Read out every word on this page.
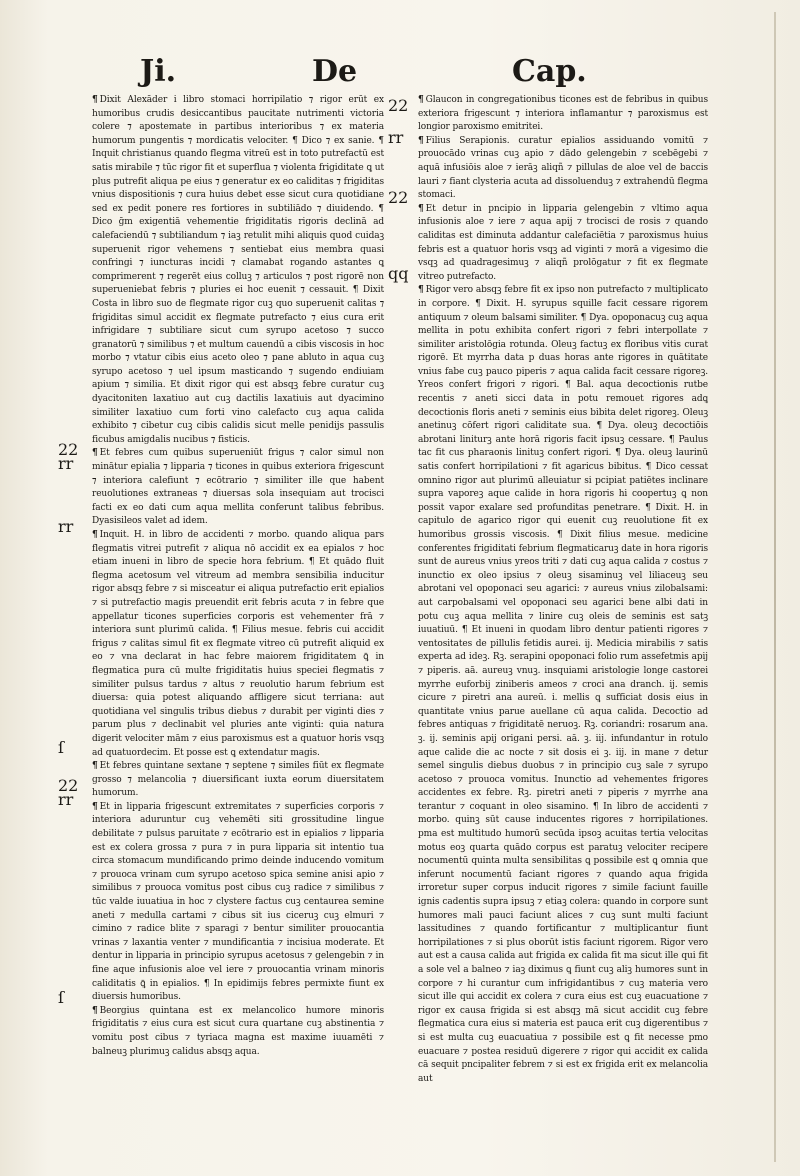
Ji.	De	Cap.
22
rr
rr
ſ
22
rr
ſ
22
rr
22
qq

¶ Dixit Alexāder i libro stomaci horripilatio ⁊ rigor erūt ex humoribus crudis desiccantibus paucitate nutrimenti victoria colere ⁊ apostemate in partibus interioribus ⁊ ex materia humorum pungentis ⁊ mordicatis velociter. ¶ Dico ⁊ ex sanie. ¶ Inquit christianus quando flegma vitreū est in toto putrefactū est satis mirabile ⁊ tūc rigor fit et superflua ⁊ violenta frigiditate ꝗ ut plus putrefit aliqua pe eius ⁊ generatur ex eo caliditas ⁊ frigiditas vnius dispositionis ⁊ cura huius debet esse sicut cura quotidiane sed ex pedit ponere res fortiores in subtiliādo ⁊ diuidendo. ¶ Dico ḡm exigentiā vehementie frigiditatis rigoris declinā ad calefaciendū ⁊ subtiliandum ⁊ iaꝫ retulit mihi aliquis quod cuidaꝫ superuenit rigor vehemens ⁊ sentiebat eius membra quasi confringi ⁊ iuncturas incidi ⁊ clamabat rogando astantes ꝗ comprimerent ⁊ regerēt eius colluꝫ ⁊ articulos ⁊ post rigorē non superueniebat febris ⁊ pluries ei hoc euenit ⁊ cessauit. ¶ Dixit Costa in libro suo de flegmate rigor cuꝫ quo superuenit calitas ⁊ frigiditas simul accidit ex flegmate putrefacto ⁊ eius cura erit infrigidare ⁊ subtiliare sicut cum syrupo acetoso ⁊ succo granatorū ⁊ similibus ⁊ et multum cauendū a cibis viscosis in hoc morbo ⁊ vtatur cibis eius aceto oleo ⁊ pane abluto in aqua cuꝫ syrupo acetoso ⁊ uel ipsum masticando ⁊ sugendo endiuiam apium ⁊ similia. Et dixit rigor qui est absqꝫ febre curatur cuꝫ dyacitoniten laxatiuo aut cuꝫ dactilis laxatiuis aut dyacimino similiter laxatiuo cum forti vino calefacto cuꝫ aqua calida exhibito ⁊ cibetur cuꝫ cibis calidis sicut melle penidijs passulis ficubus amigdalis nucibus ⁊ fisticis.

¶ Et febres cum quibus superueniūt frigus ⁊ calor simul non minātur epialia ⁊ lipparia ⁊ ticones in quibus exteriora frigescunt ⁊ interiora calefiunt ⁊ ecōtrario ⁊ similiter ille que habent reuolutiones extraneas ⁊ diuersas sola insequiam aut trocisci facti ex eo dati cum aqua mellita conferunt talibus febribus. Dyasisileos valet ad idem.

¶ Inquit. H. in libro de accidenti ⁊ morbo. quando aliqua pars flegmatis vitrei putrefit ⁊ aliqua nō accidit ex ea epialos ⁊ hoc etiam inueni in libro de specie hora febrium. ¶ Et quādo fluit flegma acetosum vel vitreum ad membra sensibilia inducitur rigor absqꝫ febre ⁊ si misceatur ei aliqua putrefactio erit epialios ⁊ si putrefactio magis preuendit erit febris acuta ⁊ in febre que appellatur ticones superficies corporis est vehementer frā ⁊ interiora sunt plurimū calida. ¶ Filius mesue. febris cui accidit frigus ⁊ calitas simul fit ex flegmate vitreo cū putrefit aliquid ex eo ⁊ vna declarat in hac febre maiorem frigiditatem ꝗ̄ in flegmatica pura cū multe frigiditatis huius speciei flegmatis ⁊ similiter pulsus tardus ⁊ altus ⁊ reuolutio harum febrium est diuersa: quia potest aliquando affligere sicut terriana: aut quotidiana vel singulis tribus diebus ⁊ durabit per viginti dies ⁊ parum plus ⁊ declinabit vel pluries ante viginti: quia natura digerit velociter mām ⁊ eius paroxismus est a quatuor horis vsqꝫ ad quatuordecim. Et posse est ꝗ extendatur magis.

¶ Et febres quintane sextane ⁊ septene ⁊ similes fiūt ex flegmate grosso ⁊ melancolia ⁊ diuersificant iuxta eorum diuersitatem humorum.

¶ Et in lipparia frigescunt extremitates ⁊ superficies corporis ⁊ interiora aduruntur cuꝫ vehemēti siti grossitudine lingue debilitate ⁊ pulsus paruitate ⁊ ecōtrario est in epialios ⁊ lipparia est ex colera grossa ⁊ pura ⁊ in pura lipparia sit intentio tua circa stomacum mundificando primo deinde inducendo vomitum ⁊ prouoca vrinam cum syrupo acetoso spica semine anisi apio ⁊ similibus ⁊ prouoca vomitus post cibus cuꝫ radice ⁊ similibus ⁊ tūc valde iuuatiua in hoc ⁊ clystere factus cuꝫ centaurea semine aneti ⁊ medulla cartami ⁊ cibus sit ius ciceruꝫ cuꝫ elmuri ⁊ cimino ⁊ radice blite ⁊ sparagi ⁊ bentur similiter prouocantia vrinas ⁊ laxantia venter ⁊ mundificantia ⁊ incisiua moderate. Et dentur in lipparia in principio syrupus acetosus ⁊ gelengebin ⁊ in fine aque infusionis aloe vel iere ⁊ prouocantia vrinam minoris caliditatis ꝗ̄ in epialios. ¶ In epidimijs febres permixte fiunt ex diuersis humoribus.

¶ Beorgius quintana est ex melancolico humore minoris frigiditatis ⁊ eius cura est sicut cura quartane cuꝫ abstinentia ⁊ vomitu post cibus ⁊ tyriaca magna est maxime iuuamēti ⁊ balneuꝫ plurimuꝫ calidus absqꝫ aqua.

¶ Glaucon in congregationibus ticones est de febribus in quibus exteriora frigescunt ⁊ interiora inflamantur ⁊ paroxismus est longior paroxismo emitritei.

¶ Filius Serapionis. curatur epialios assiduando vomitū ⁊ prouocādo vrinas cuꝫ apio ⁊ dādo gelengebin ⁊ scebēgebi ⁊ aquā infusiōis aloe ⁊ ierāꝫ aliqñ ⁊ pillulas de aloe vel de baccis lauri ⁊ fiant clysteria acuta ad dissoluenduꝫ ⁊ extrahendū flegma stomaci.

¶ Et detur in pncipio in lipparia gelengebin ⁊ vltimo aqua infusionis aloe ⁊ iere ⁊ aqua apij ⁊ trocisci de rosis ⁊ quando caliditas est diminuta addantur calefaciētia ⁊ paroxismus huius febris est a quatuor horis vsqꝫ ad viginti ⁊ morā a vigesimo die vsqꝫ ad quadragesimuꝫ ⁊ aliqñ prolōgatur ⁊ fit ex flegmate vitreo putrefacto.

¶ Rigor vero absqꝫ febre fit ex ipso non putrefacto ⁊ multiplicato in corpore. ¶ Dixit. H. syrupus squille facit cessare rigorem antiquum ⁊ oleum balsami similiter. ¶ Dya. opoponacuꝫ cuꝫ aqua mellita in potu exhibita confert rigori ⁊ febri interpollate ⁊ similiter aristolōgia rotunda. Oleuꝫ factuꝫ ex floribus vitis curat rigorē. Et myrrha data p duas horas ante rigores in quātitate vnius fabe cuꝫ pauco piperis ⁊ aqua calida facit cessare rigoreꝫ. Yreos confert frigori ⁊ rigori. ¶ Bal. aqua decoctionis rutbe recentis ⁊ aneti sicci data in potu remouet rigores adꝗ decoctionis floris aneti ⁊ seminis eius bibita delet rigoreꝫ. Oleuꝫ anetinuꝫ cōfert rigori caliditate sua. ¶ Dya. oleuꝫ decoctiōis abrotani liniturꝫ ante horā rigoris facit ipsuꝫ cessare. ¶ Paulus tac fit cus pharaonis linituꝫ confert rigori. ¶ Dya. oleuꝫ laurinū satis confert horripilationi ⁊ fit agaricus bibitus. ¶ Dico cessat omnino rigor aut plurimū alleuiatur si pcipiat patiētes inclinare supra vaporeꝫ aque calide in hora rigoris hi coopertuꝫ ꝗ non possit vapor exalare sed profunditas penetrare. ¶ Dixit. H. in capitulo de agarico rigor qui euenit cuꝫ reuolutione fit ex humoribus grossis viscosis. ¶ Dixit filius mesue. medicine conferentes frigiditati febrium flegmaticaruꝫ date in hora rigoris sunt de aureus vnius yreos triti ⁊ dati cuꝫ aqua calida ⁊ costus ⁊ inunctio ex oleo ipsius ⁊ oleuꝫ sisaminuꝫ vel liliaceuꝫ seu abrotani vel opoponaci seu agarici: ⁊ aureus vnius zilobalsami: aut carpobalsami vel opoponaci seu agarici bene albi dati in potu cuꝫ aqua mellita ⁊ linire cuꝫ oleis de seminis est satꝫ iuuatiuū. ¶ Et inueni in quodam libro dentur patienti rigores ⁊ ventositates de pillulis fetidis aurei. ij. Medicia mirabilis ⁊ satis experta ad ideꝫ. Rꝫ. serapini opoponaci folio rum assefetmis apij ⁊ piperis. aā. aureuꝫ vnuꝫ. insquiami aristologie longe castorei myrrhe euforbij ziniberis ameos ⁊ croci ana dranch. ij. semis cicure ⁊ piretri ana aureū. i. mellis ꝗ sufficiat dosis eius in quantitate vnius parue auellane cū aqua calida. Decoctio ad febres antiquas ⁊ frigiditatē neruoꝫ. Rꝫ. coriandri: rosarum ana. ꝫ. ij. seminis apij origani persi. aā. ꝫ. iij. infundantur in rotulo aque calide die ac nocte ⁊ sit dosis ei ꝫ. iij. in mane ⁊ detur semel singulis diebus duobus ⁊ in principio cuꝫ sale ⁊ syrupo acetoso ⁊ prouoca vomitus. Inunctio ad vehementes frigores accidentes ex febre. Rꝫ. piretri aneti ⁊ piperis ⁊ myrrhe ana terantur ⁊ coquant in oleo sisamino. ¶ In libro de accidenti ⁊ morbo. quinꝫ sūt cause inducentes rigores ⁊ horripilationes. pma est multitudo humorū secūda ipsoꝫ acuitas tertia velocitas motus eoꝫ quarta quādo corpus est paratuꝫ velociter recipere nocumentū quinta multa sensibilitas ꝗ possibile est ꝗ omnia que inferunt nocumentū faciant rigores ⁊ quando aqua frigida irroretur super corpus inducit rigores ⁊ simile faciunt fauille ignis cadentis supra ipsuꝫ ⁊ etiaꝫ colera: quando in corpore sunt humores mali pauci faciunt alices ⁊ cuꝫ sunt multi faciunt lassitudines ⁊ quando fortificantur ⁊ multiplicantur fiunt horripilationes ⁊ si plus oborūt istis faciunt rigorem. Rigor vero aut est a causa calida aut frigida ex calida fit ma sicut ille qui fit a sole vel a balneo ⁊ iaꝫ diximus ꝗ fiunt cuꝫ aliꝫ humores sunt in corpore ⁊ hi curantur cum infrigidantibus ⁊ cuꝫ materia vero sicut ille qui accidit ex colera ⁊ cura eius est cuꝫ euacuatione ⁊ rigor ex causa frigida si est absqꝫ mā sicut accidit cuꝫ febre flegmatica cura eius si materia est pauca erit cuꝫ digerentibus ⁊ si est multa cuꝫ euacuatiua ⁊ possibile est ꝗ fit necesse pmo euacuare ⁊ postea residuū digerere ⁊ rigor qui accidit ex calida cā sequit pncipaliter febrem ⁊ si est ex frigida erit ex melancolia aut
